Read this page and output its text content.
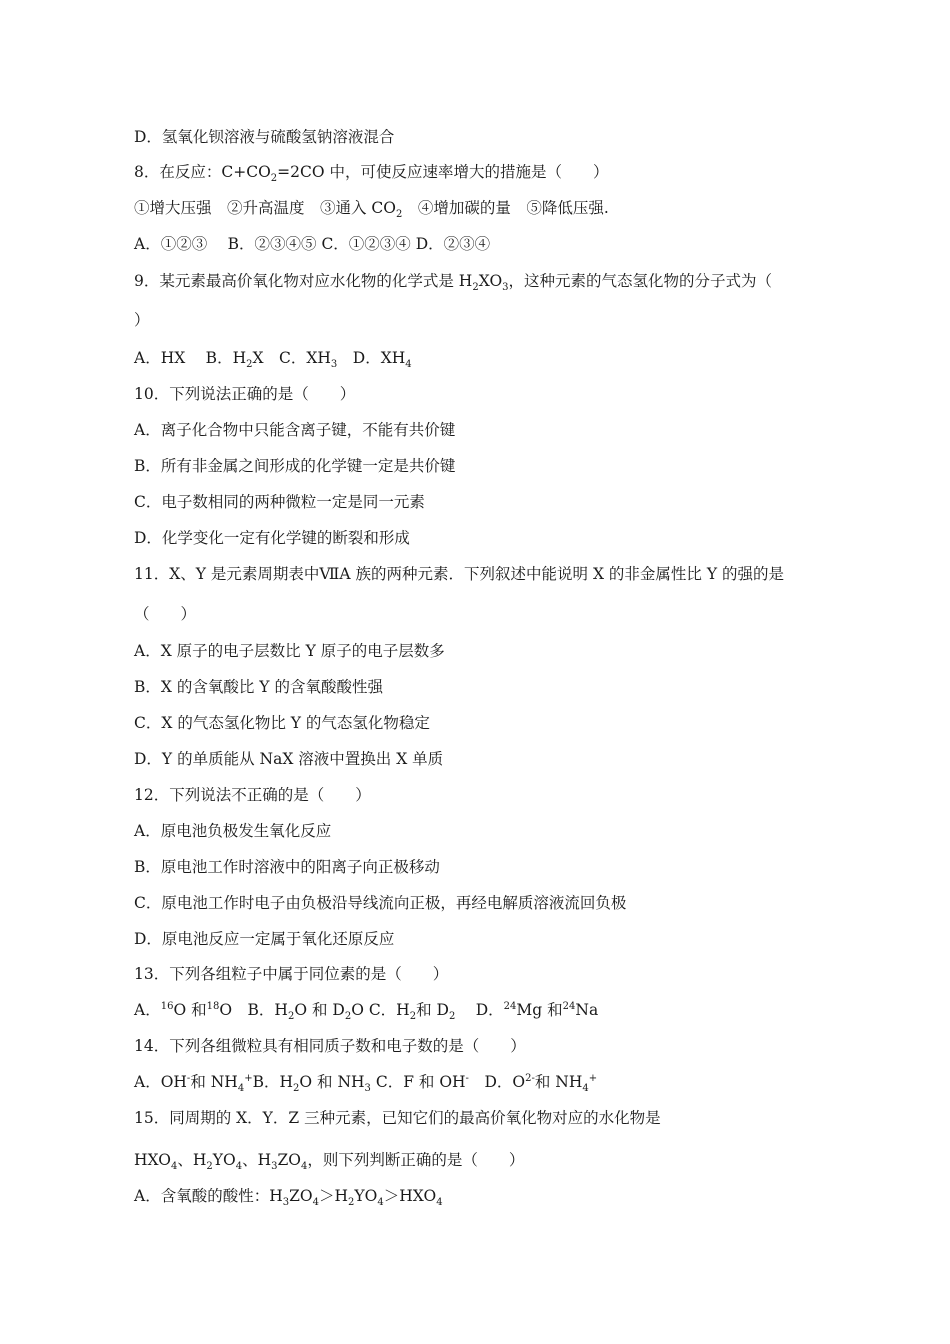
D．氢氧化钡溶液与硫酸氢钠溶液混合
8．在反应：$C+CO_2=2CO$ 中，可使反应速率增大的措施是（　　）
①增大压强　②升高温度　③通入 $CO_2$　④增加碳的量　⑤降低压强.
A．①②③　 B．②③④⑤ C．①②③④ D．②③④
9．某元素最高价氧化物对应水化物的化学式是 $H_2XO_3$，这种元素的气态氢化物的分子式为（
）
A．HX　 B．$H_2X$　C．$XH_3$　D．$XH_4$
10．下列说法正确的是（　　）
A．离子化合物中只能含离子键，不能有共价键
B．所有非金属之间形成的化学键一定是共价键
C．电子数相同的两种微粒一定是同一元素
D．化学变化一定有化学键的断裂和形成
11．X、Y 是元素周期表中ⅦA 族的两种元素．下列叙述中能说明 X 的非金属性比 Y 的强的是
（　　）
A．X 原子的电子层数比 Y 原子的电子层数多
B．X 的含氧酸比 Y 的含氧酸酸性强
C．X 的气态氢化物比 Y 的气态氢化物稳定
D．Y 的单质能从 NaX 溶液中置换出 X 单质
12．下列说法不正确的是（　　）
A．原电池负极发生氧化反应
B．原电池工作时溶液中的阳离子向正极移动
C．原电池工作时电子由负极沿导线流向正极，再经电解质溶液流回负极
D．原电池反应一定属于氧化还原反应
13．下列各组粒子中属于同位素的是（　　）
A．$^{16}$O 和$^{18}$O　B．$H_2O$ 和 $D_2O$ C．$H_2$和 $D_2$　 D．$^{24}$Mg 和$^{24}$Na
14．下列各组微粒具有相同质子数和电子数的是（　　）
A．OH-和 $NH_4^+B$．$H_2O$ 和 $NH_3$ C．F 和 OH-　D．$O^{2-}$和 $NH_4^+$
15．同周期的 X．Y．Z 三种元素，已知它们的最高价氧化物对应的水化物是
$HXO_4$、$H_2YO_4$、$H_3ZO_4$，则下列判断正确的是（　　）
A．含氧酸的酸性：$H_3ZO_4>H_2YO_4>HXO_4$
